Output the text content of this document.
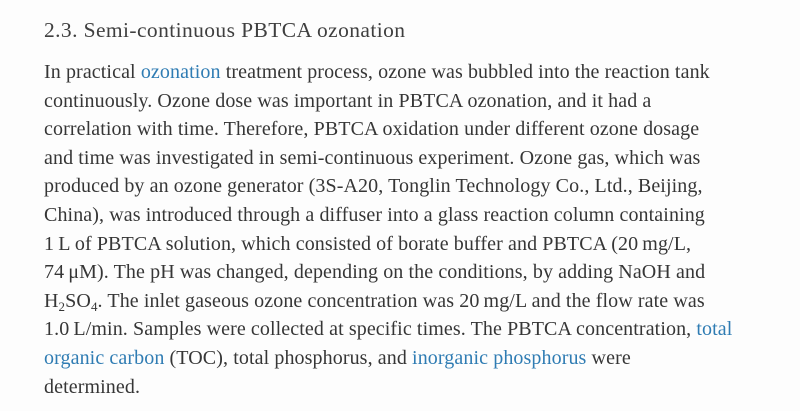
2.3. Semi-continuous PBTCA ozonation
In practical ozonation treatment process, ozone was bubbled into the reaction tank
continuously. Ozone dose was important in PBTCA ozonation, and it had a
correlation with time. Therefore, PBTCA oxidation under different ozone dosage
and time was investigated in semi-continuous experiment. Ozone gas, which was
produced by an ozone generator (3S-A20, Tonglin Technology Co., Ltd., Beijing,
China), was introduced through a diffuser into a glass reaction column containing
1 L of PBTCA solution, which consisted of borate buffer and PBTCA (20 mg/L,
74 μM). The pH was changed, depending on the conditions, by adding NaOH and
$H_2SO_4$. The inlet gaseous ozone concentration was 20 mg/L and the flow rate was
1.0 L/min. Samples were collected at specific times. The PBTCA concentration, total
organic carbon (TOC), total phosphorus, and inorganic phosphorus were
determined.
